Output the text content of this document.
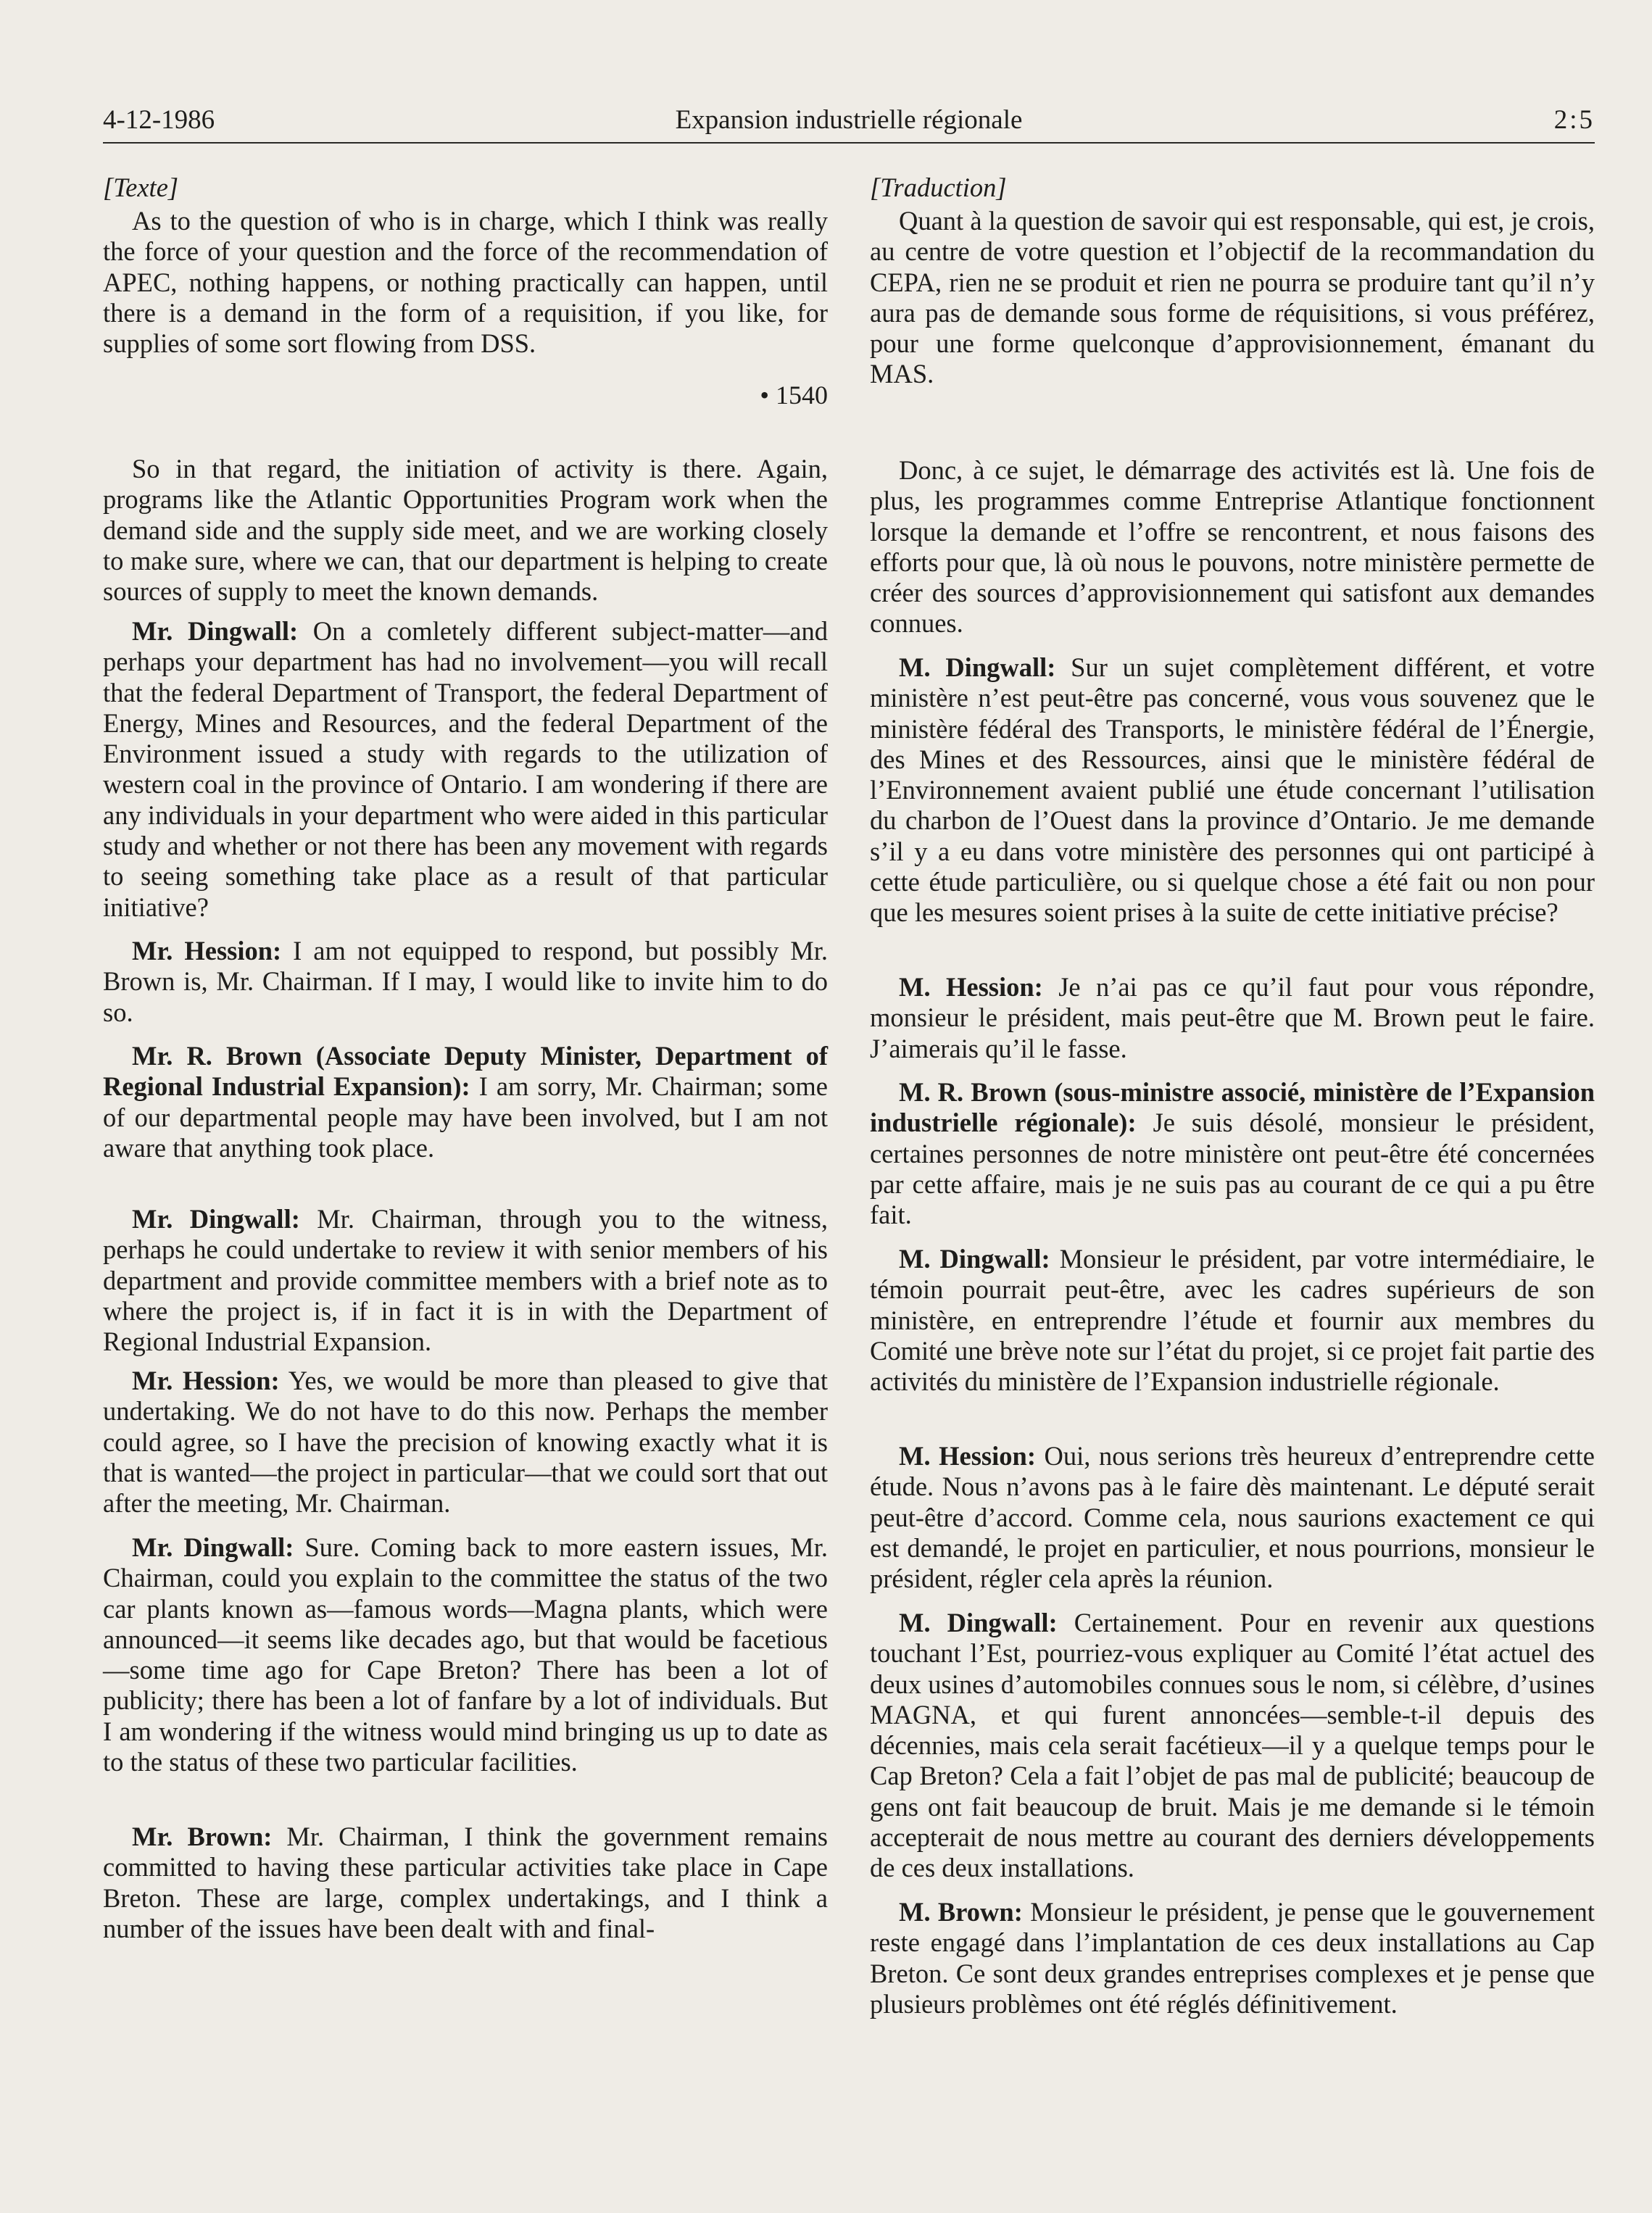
4-12-1986	Expansion industrielle régionale	2:5
[Texte]

As to the question of who is in charge, which I think was really the force of your question and the force of the recommendation of APEC, nothing happens, or nothing practically can happen, until there is a demand in the form of a requisition, if you like, for supplies of some sort flowing from DSS.

• 1540

So in that regard, the initiation of activity is there. Again, programs like the Atlantic Opportunities Program work when the demand side and the supply side meet, and we are working closely to make sure, where we can, that our department is helping to create sources of supply to meet the known demands.

Mr. Dingwall: On a comletely different subject-matter—and perhaps your department has had no involvement—you will recall that the federal Department of Transport, the federal Department of Energy, Mines and Resources, and the federal Department of the Environment issued a study with regards to the utilization of western coal in the province of Ontario. I am wondering if there are any individuals in your department who were aided in this particular study and whether or not there has been any movement with regards to seeing something take place as a result of that particular initiative?

Mr. Hession: I am not equipped to respond, but possibly Mr. Brown is, Mr. Chairman. If I may, I would like to invite him to do so.

Mr. R. Brown (Associate Deputy Minister, Department of Regional Industrial Expansion): I am sorry, Mr. Chairman; some of our departmental people may have been involved, but I am not aware that anything took place.

Mr. Dingwall: Mr. Chairman, through you to the witness, perhaps he could undertake to review it with senior members of his department and provide committee members with a brief note as to where the project is, if in fact it is in with the Department of Regional Industrial Expansion.

Mr. Hession: Yes, we would be more than pleased to give that undertaking. We do not have to do this now. Perhaps the member could agree, so I have the precision of knowing exactly what it is that is wanted—the project in particular—that we could sort that out after the meeting, Mr. Chairman.

Mr. Dingwall: Sure. Coming back to more eastern issues, Mr. Chairman, could you explain to the committee the status of the two car plants known as—famous words—Magna plants, which were announced—it seems like decades ago, but that would be facetious—some time ago for Cape Breton? There has been a lot of publicity; there has been a lot of fanfare by a lot of individuals. But I am wondering if the witness would mind bringing us up to date as to the status of these two particular facilities.

Mr. Brown: Mr. Chairman, I think the government remains committed to having these particular activities take place in Cape Breton. These are large, complex undertakings, and I think a number of the issues have been dealt with and final-

[Traduction]

Quant à la question de savoir qui est responsable, qui est, je crois, au centre de votre question et l’objectif de la recommandation du CEPA, rien ne se produit et rien ne pourra se produire tant qu’il n’y aura pas de demande sous forme de réquisitions, si vous préférez, pour une forme quelconque d’approvisionnement, émanant du MAS.

Donc, à ce sujet, le démarrage des activités est là. Une fois de plus, les programmes comme Entreprise Atlantique fonctionnent lorsque la demande et l’offre se rencontrent, et nous faisons des efforts pour que, là où nous le pouvons, notre ministère permette de créer des sources d’approvisionnement qui satisfont aux demandes connues.

M. Dingwall: Sur un sujet complètement différent, et votre ministère n’est peut-être pas concerné, vous vous souvenez que le ministère fédéral des Transports, le ministère fédéral de l’Énergie, des Mines et des Ressources, ainsi que le ministère fédéral de l’Environnement avaient publié une étude concernant l’utilisation du charbon de l’Ouest dans la province d’Ontario. Je me demande s’il y a eu dans votre ministère des personnes qui ont participé à cette étude particulière, ou si quelque chose a été fait ou non pour que les mesures soient prises à la suite de cette initiative précise?

M. Hession: Je n’ai pas ce qu’il faut pour vous répondre, monsieur le président, mais peut-être que M. Brown peut le faire. J’aimerais qu’il le fasse.

M. R. Brown (sous-ministre associé, ministère de l’Expansion industrielle régionale): Je suis désolé, monsieur le président, certaines personnes de notre ministère ont peut-être été concernées par cette affaire, mais je ne suis pas au courant de ce qui a pu être fait.

M. Dingwall: Monsieur le président, par votre intermédiaire, le témoin pourrait peut-être, avec les cadres supérieurs de son ministère, en entreprendre l’étude et fournir aux membres du Comité une brève note sur l’état du projet, si ce projet fait partie des activités du ministère de l’Expansion industrielle régionale.

M. Hession: Oui, nous serions très heureux d’entreprendre cette étude. Nous n’avons pas à le faire dès maintenant. Le député serait peut-être d’accord. Comme cela, nous saurions exactement ce qui est demandé, le projet en particulier, et nous pourrions, monsieur le président, régler cela après la réunion.

M. Dingwall: Certainement. Pour en revenir aux questions touchant l’Est, pourriez-vous expliquer au Comité l’état actuel des deux usines d’automobiles connues sous le nom, si célèbre, d’usines MAGNA, et qui furent annoncées—semble-t-il depuis des décennies, mais cela serait facétieux—il y a quelque temps pour le Cap Breton? Cela a fait l’objet de pas mal de publicité; beaucoup de gens ont fait beaucoup de bruit. Mais je me demande si le témoin accepterait de nous mettre au courant des derniers développements de ces deux installations.

M. Brown: Monsieur le président, je pense que le gouvernement reste engagé dans l’implantation de ces deux installations au Cap Breton. Ce sont deux grandes entreprises complexes et je pense que plusieurs problèmes ont été réglés définitivement.
